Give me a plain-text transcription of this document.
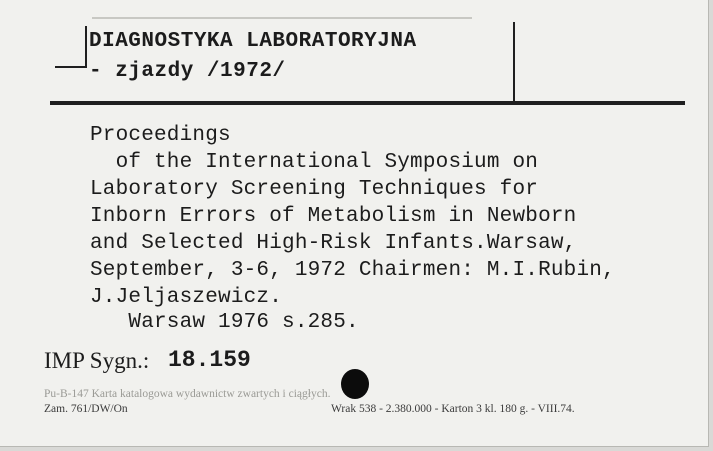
DIAGNOSTYKA LABORATORYJNA

- zjazdy /1972/

Proceedings

of the International Symposium on

Laboratory Screening Techniques for

Inborn Errors of Metabolism in Newborn

and Selected High-Risk Infants.Warsaw,

September, 3-6, 1972 Chairmen: M.I.Rubin,

J.Jeljaszewicz.

Warsaw 1976 s.285.

IMP Sygn.: 18.159

Pu-B-147 Karta katalogowa wydawnictw zwartych i ciągłych.

Zam. 761/DW/On	Wrak 538 - 2.380.000 - Karton 3 kl. 180 g. - VIII.74.
